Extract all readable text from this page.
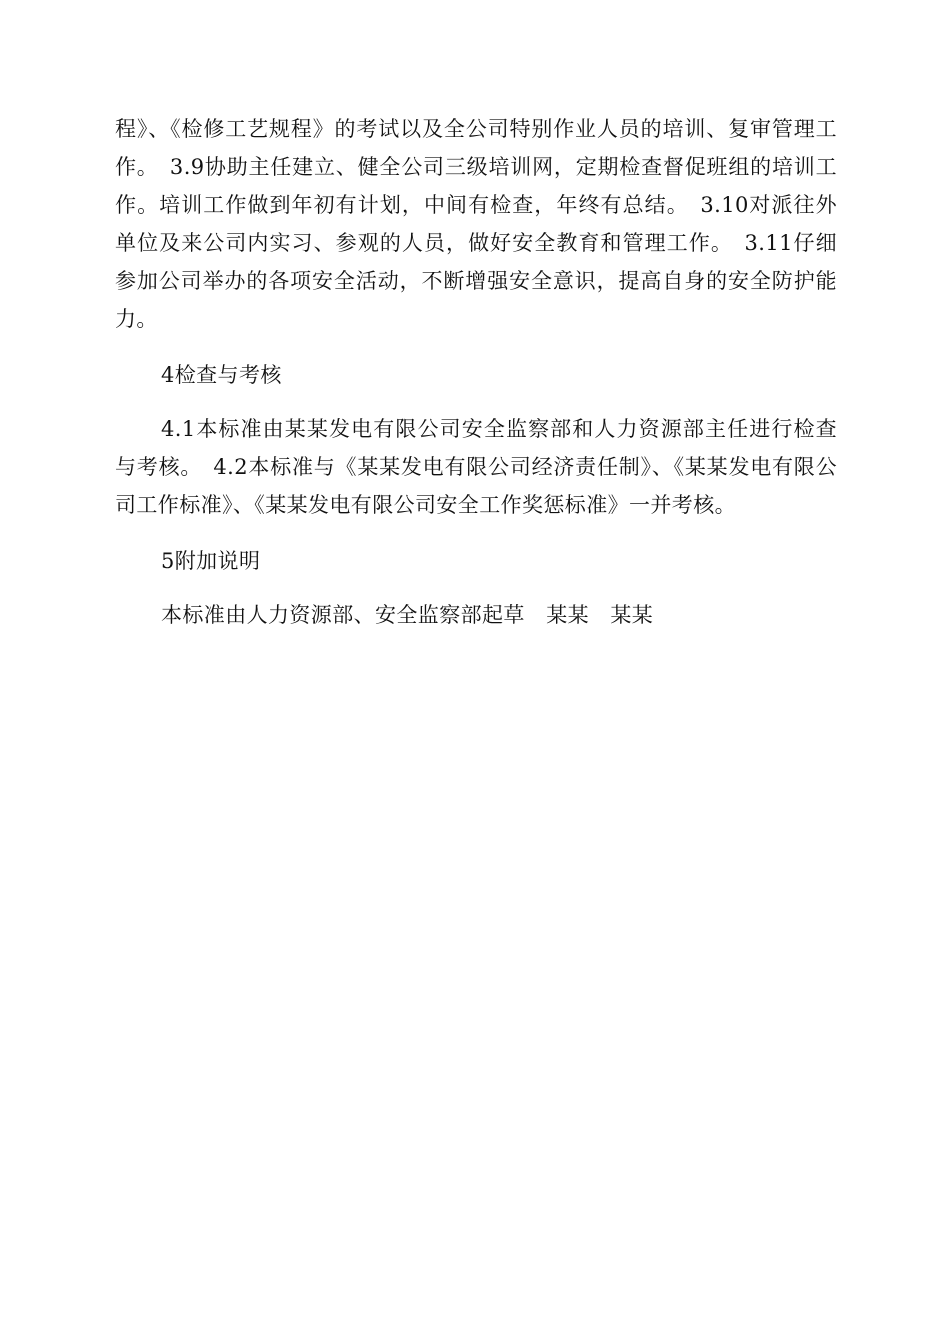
程》、《检修工艺规程》的考试以及全公司特别作业人员的培训、复审管理工作。　3.9协助主任建立、健全公司三级培训网，定期检查督促班组的培训工作。培训工作做到年初有计划，中间有检查，年终有总结。　3.10对派往外单位及来公司内实习、参观的人员，做好安全教育和管理工作。　3.11仔细参加公司举办的各项安全活动，不断增强安全意识，提高自身的安全防护能力。

4检查与考核

4.1本标准由某某发电有限公司安全监察部和人力资源部主任进行检查与考核。　4.2本标准与《某某发电有限公司经济责任制》、《某某发电有限公司工作标准》、《某某发电有限公司安全工作奖惩标准》一并考核。

5附加说明

本标准由人力资源部、安全监察部起草　某某　某某
